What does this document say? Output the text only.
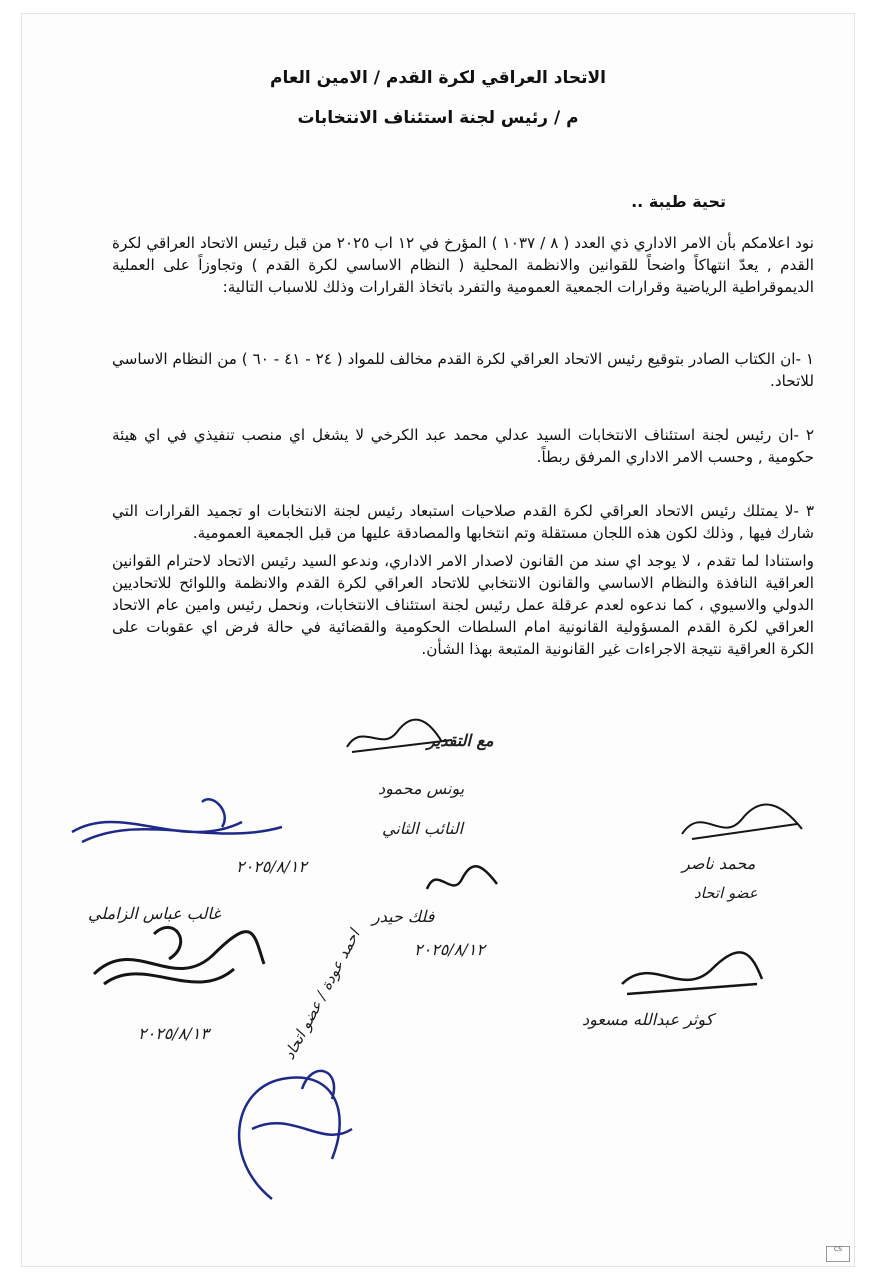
الاتحاد العراقي لكرة القدم / الامين العام
م / رئيس لجنة استئناف الانتخابات
تحية طيبة ..
نود اعلامكم بأن الامر الاداري ذي العدد ( ٨ / ١٠٣٧ ) المؤرخ في ١٢ اب ٢٠٢٥ من قبل رئيس الاتحاد العراقي لكرة القدم , يعدّ انتهاكاً واضحاً للقوانين والانظمة المحلية ( النظام الاساسي لكرة القدم ) وتجاوزاً على العملية الديموقراطية الرياضية وقرارات الجمعية العمومية والتفرد باتخاذ القرارات وذلك للاسباب التالية:
١ -ان الكتاب الصادر بتوقيع رئيس الاتحاد العراقي لكرة القدم مخالف للمواد ( ٢٤ - ٤١ - ٦٠ ) من النظام الاساسي للاتحاد.
٢ -ان رئيس لجنة استئناف الانتخابات السيد عدلي محمد عبد الكرخي لا يشغل اي منصب تنفيذي في اي هيئة حكومية , وحسب الامر الاداري المرفق ربطاً.
٣ -لا يمتلك رئيس الاتحاد العراقي لكرة القدم صلاحيات استبعاد رئيس لجنة الانتخابات او تجميد القرارات التي شارك فيها , وذلك لكون هذه اللجان مستقلة وتم انتخابها والمصادقة عليها من قبل الجمعية العمومية.
واستنادا لما تقدم ، لا يوجد اي سند من القانون لاصدار الامر الاداري، وندعو السيد رئيس الاتحاد لاحترام القوانين العراقية النافذة والنظام الاساسي والقانون الانتخابي للاتحاد العراقي لكرة القدم والانظمة واللوائح للاتحاديين الدولي والاسيوي ، كما ندعوه لعدم عرقلة عمل رئيس لجنة استئناف الانتخابات، ونحمل رئيس وامين عام الاتحاد العراقي لكرة القدم المسؤولية القانونية امام السلطات الحكومية والقضائية في حالة فرض اي عقوبات على الكرة العراقية نتيجة الاجراءات غير القانونية المتبعة بهذا الشأن.
مع التقدير
يونس محمود
النائب الثاني
فلك حيدر
٢٠٢٥/٨/١٢
٢٠٢٥/٨/١٢
غالب عباس الزاملي
محمد ناصر
عضو اتحاد
٢٠٢٥/٨/١٣
كوثر عبدالله مسعود
احمد عودة / عضو اتحاد
CS
